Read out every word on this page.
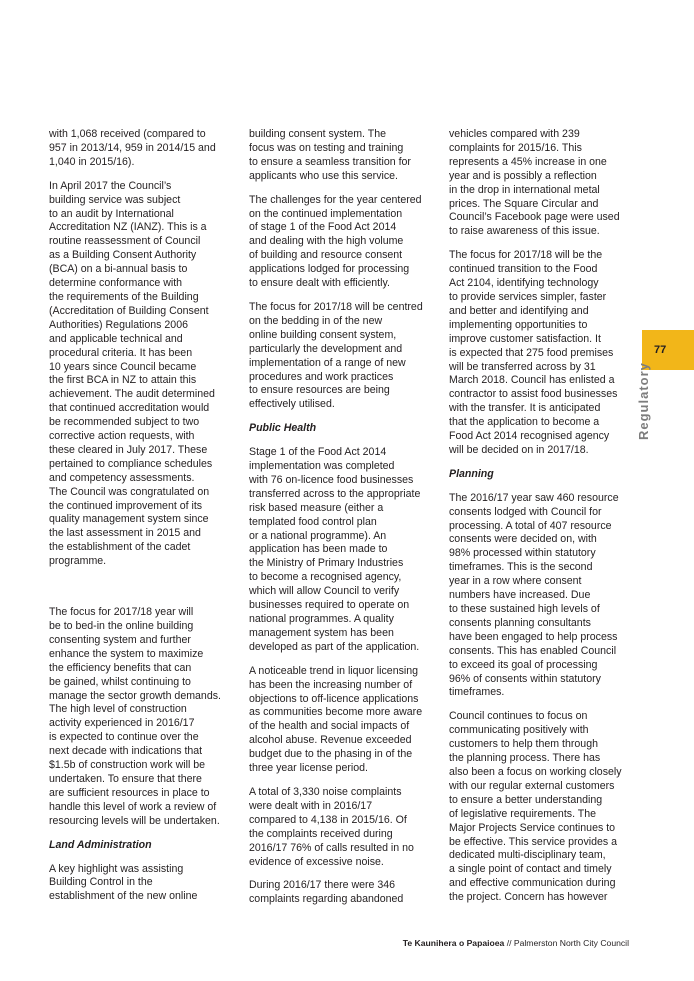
with 1,068 received (compared to
957 in 2013/14, 959 in 2014/15 and
1,040 in 2015/16).

In April 2017 the Council’s
building service was subject
to an audit by International
Accreditation NZ (IANZ). This is a
routine reassessment of Council
as a Building Consent Authority
(BCA) on a bi-annual basis to
determine conformance with
the requirements of the Building
(Accreditation of Building Consent
Authorities) Regulations 2006
and applicable technical and
procedural criteria. It has been
10 years since Council became
the first BCA in NZ to attain this
achievement. The audit determined
that continued accreditation would
be recommended subject to two
corrective action requests, with
these cleared in July 2017. These
pertained to compliance schedules
and competency assessments.
The Council was congratulated on
the continued improvement of its
quality management system since
the last assessment in 2015 and
the establishment of the cadet
programme.

The focus for 2017/18 year will
be to bed-in the online building
consenting system and further
enhance the system to maximize
the efficiency benefits that can
be gained, whilst continuing to
manage the sector growth demands.
The high level of construction
activity experienced in 2016/17
is expected to continue over the
next decade with indications that
$1.5b of construction work will be
undertaken. To ensure that there
are sufficient resources in place to
handle this level of work a review of
resourcing levels will be undertaken.

Land Administration

A key highlight was assisting
Building Control in the
establishment of the new online

building consent system. The
focus was on testing and training
to ensure a seamless transition for
applicants who use this service.

The challenges for the year centered
on the continued implementation
of stage 1 of the Food Act 2014
and dealing with the high volume
of building and resource consent
applications lodged for processing
to ensure dealt with efficiently.

The focus for 2017/18 will be centred
on the bedding in of the new
online building consent system,
particularly the development and
implementation of a range of new
procedures and work practices
to ensure resources are being
effectively utilised.

Public Health

Stage 1 of the Food Act 2014
implementation was completed
with 76 on-licence food businesses
transferred across to the appropriate
risk based measure (either a
templated food control plan
or a national programme). An
application has been made to
the Ministry of Primary Industries
to become a recognised agency,
which will allow Council to verify
businesses required to operate on
national programmes. A quality
management system has been
developed as part of the application.

A noticeable trend in liquor licensing
has been the increasing number of
objections to off-licence applications
as communities become more aware
of the health and social impacts of
alcohol abuse. Revenue exceeded
budget due to the phasing in of the
three year license period.

A total of 3,330 noise complaints
were dealt with in 2016/17
compared to 4,138 in 2015/16. Of
the complaints received during
2016/17 76% of calls resulted in no
evidence of excessive noise.

During 2016/17 there were 346
complaints regarding abandoned

vehicles compared with 239
complaints for 2015/16. This
represents a 45% increase in one
year and is possibly a reflection
in the drop in international metal
prices. The Square Circular and
Council’s Facebook page were used
to raise awareness of this issue.

The focus for 2017/18 will be the
continued transition to the Food
Act 2104, identifying technology
to provide services simpler, faster
and better and identifying and
implementing opportunities to
improve customer satisfaction. It
is expected that 275 food premises
will be transferred across by 31
March 2018. Council has enlisted a
contractor to assist food businesses
with the transfer. It is anticipated
that the application to become a
Food Act 2014 recognised agency
will be decided on in 2017/18.

Planning

The 2016/17 year saw 460 resource
consents lodged with Council for
processing. A total of 407 resource
consents were decided on, with
98% processed within statutory
timeframes. This is the second
year in a row where consent
numbers have increased. Due
to these sustained high levels of
consents planning consultants
have been engaged to help process
consents. This has enabled Council
to exceed its goal of processing
96% of consents within statutory
timeframes.

Council continues to focus on
communicating positively with
customers to help them through
the planning process. There has
also been a focus on working closely
with our regular external customers
to ensure a better understanding
of legislative requirements. The
Major Projects Service continues to
be effective. This service provides a
dedicated multi-disciplinary team,
a single point of contact and timely
and effective communication during
the project. Concern has however

77
Regulatory
Te Kaunihera o Papaioea // Palmerston North City Council
